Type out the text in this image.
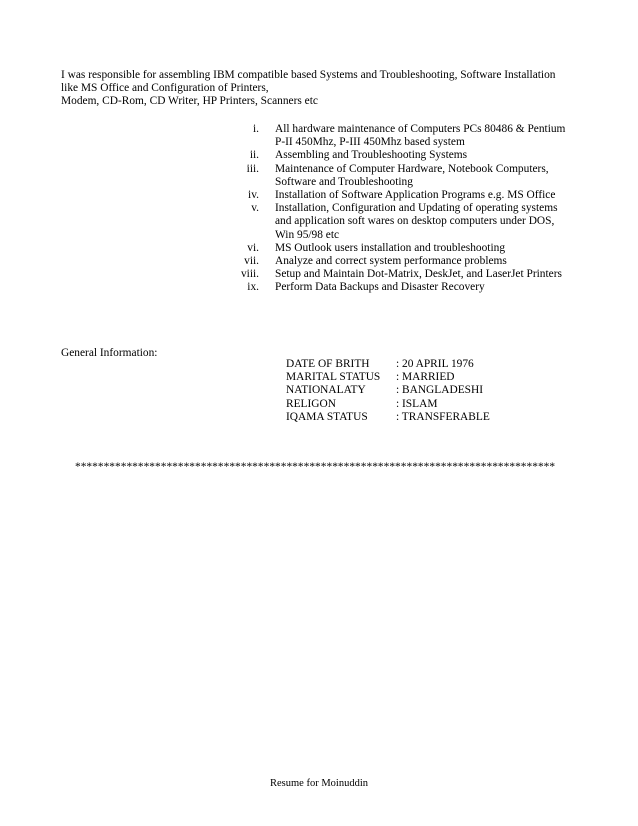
I was responsible for assembling IBM compatible based Systems and Troubleshooting, Software Installation
like MS Office and Configuration of Printers,
Modem, CD-Rom, CD Writer, HP Printers, Scanners etc
i. All hardware maintenance of Computers PCs 80486 & Pentium
P-II 450Mhz, P-III 450Mhz based system
ii. Assembling and Troubleshooting Systems
iii. Maintenance of Computer Hardware, Notebook Computers,
Software and Troubleshooting
iv. Installation of Software Application Programs e.g. MS Office
v. Installation, Configuration and Updating of operating systems
and application soft wares on desktop computers under DOS,
Win 95/98 etc
vi. MS Outlook users installation and troubleshooting
vii. Analyze and correct system performance problems
viii. Setup and Maintain Dot-Matrix, DeskJet, and LaserJet Printers
ix. Perform Data Backups and Disaster Recovery
General Information:
DATE OF BRITH : 20 APRIL 1976
MARITAL STATUS : MARRIED
NATIONALATY	: BANGLADESHI
RELIGON	: ISLAM
IQAMA STATUS : TRANSFERABLE
************************************************************************************
Resume for Moinuddin
